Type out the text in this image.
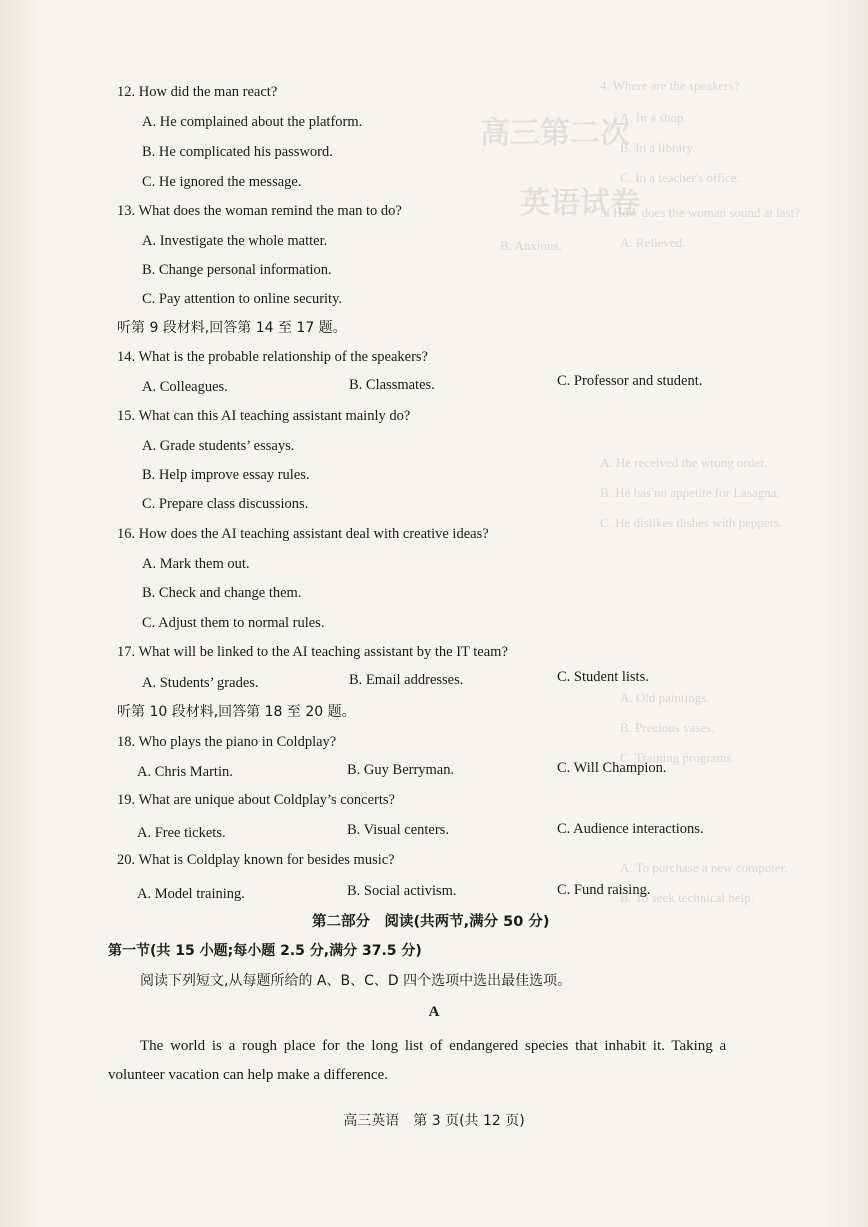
4. Where are the speakers?
A. In a shop.
B. In a library.
C. In a teacher's office.
高三第二次
英语试卷
5. How does the woman sound at last?
A. Relieved.
B. Anxious.
A. He received the wrong order.
B. He has no appetite for Lasagna.
C. He dislikes dishes with peppers.
A. Old paintings.
B. Precious vases.
C. Training programs.
A. To purchase a new computer.
B. To seek technical help.
12. How did the man react?
A. He complained about the platform.
B. He complicated his password.
C. He ignored the message.
13. What does the woman remind the man to do?
A. Investigate the whole matter.
B. Change personal information.
C. Pay attention to online security.
听第 9 段材料,回答第 14 至 17 题。
14. What is the probable relationship of the speakers?
A. Colleagues.	B. Classmates.	C. Professor and student.
15. What can this AI teaching assistant mainly do?
A. Grade students’ essays.
B. Help improve essay rules.
C. Prepare class discussions.
16. How does the AI teaching assistant deal with creative ideas?
A. Mark them out.
B. Check and change them.
C. Adjust them to normal rules.
17. What will be linked to the AI teaching assistant by the IT team?
A. Students’ grades.	B. Email addresses.	C. Student lists.
听第 10 段材料,回答第 18 至 20 题。
18. Who plays the piano in Coldplay?
A. Chris Martin.	B. Guy Berryman.	C. Will Champion.
19. What are unique about Coldplay’s concerts?
A. Free tickets.	B. Visual centers.	C. Audience interactions.
20. What is Coldplay known for besides music?
A. Model training.	B. Social activism.	C. Fund raising.
第二部分　阅读(共两节,满分 50 分)
第一节(共 15 小题;每小题 2.5 分,满分 37.5 分)
阅读下列短文,从每题所给的 A、B、C、D 四个选项中选出最佳选项。
A
The world is a rough place for the long list of endangered species that inhabit it. Taking a
volunteer vacation can help make a difference.
高三英语　第 3 页(共 12 页)
